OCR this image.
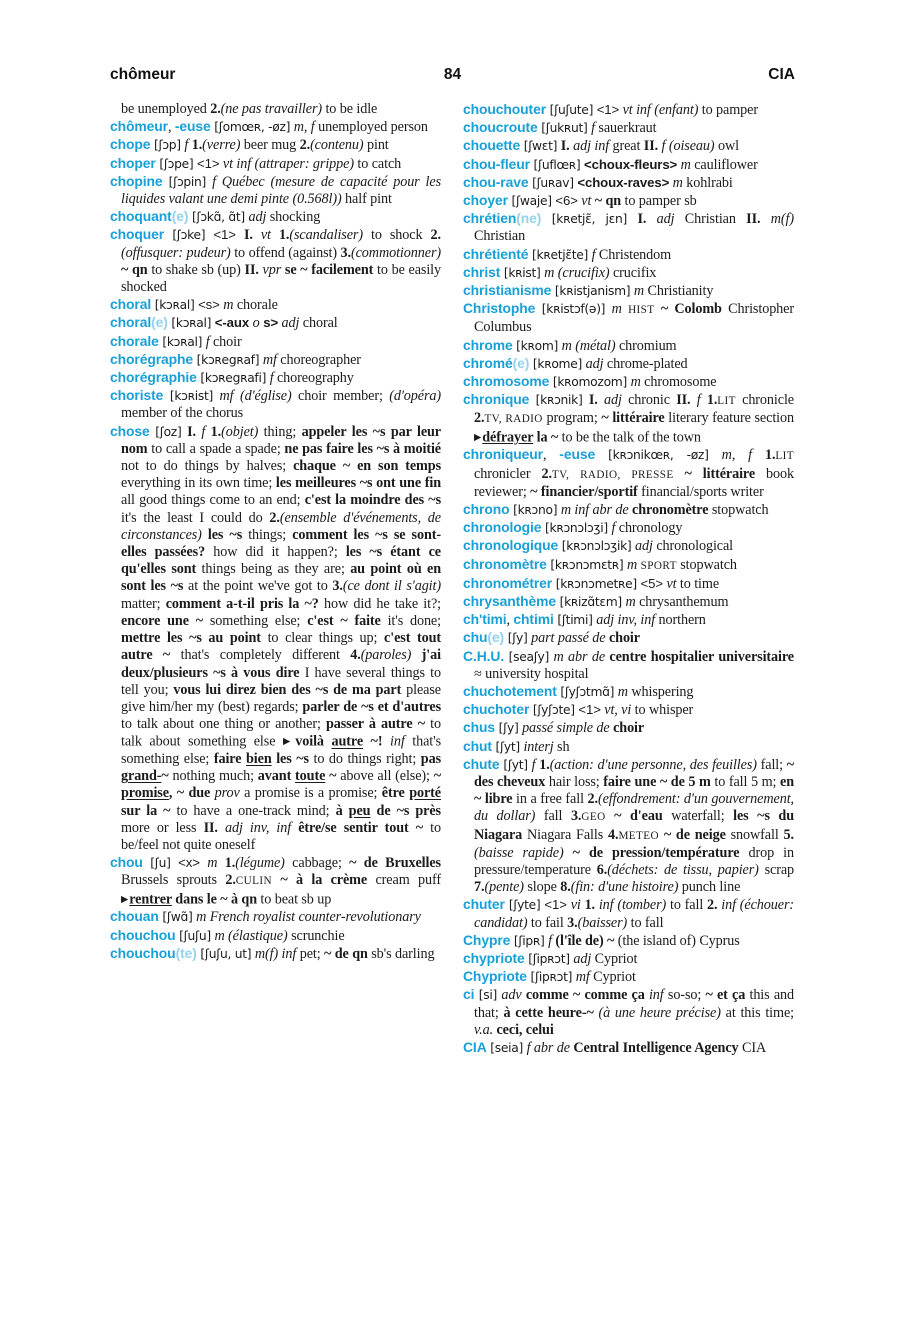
chômeur	84	CIA

be unemployed 2.(ne pas travailler) to be idle

chômeur, -euse [ʃomœʀ, -øz] m, f unemployed person

chope [ʃɔp] f 1.(verre) beer mug 2.(contenu) pint

choper [ʃɔpe] <1> vt inf (attraper: grippe) to catch

chopine [ʃɔpin] f Québec (mesure de capacité pour les liquides valant une demi pinte (0.568l)) half pint

choquant(e) [ʃɔkɑ̃, ɑ̃t] adj shocking

choquer [ʃɔke] <1> I. vt 1.(scandaliser) to shock 2.(offusquer: pudeur) to offend (against) 3.(commotionner) ~ qn to shake sb (up) II. vpr se ~ facilement to be easily shocked

choral [kɔʀal] <s> m chorale

choral(e) [kɔʀal] <-aux o s> adj choral

chorale [kɔʀal] f choir

chorégraphe [kɔʀegʀaf] mf choreographer

chorégraphie [kɔʀegʀafi] f choreography

choriste [kɔʀist] mf (d'église) choir member; (d'opéra) member of the chorus

chose [ʃoz] I. f 1.(objet) thing; appeler les ~s par leur nom to call a spade a spade; ne pas faire les ~s à moitié not to do things by halves; chaque ~ en son temps everything in its own time; les meilleures ~s ont une fin all good things come to an end; c'est la moindre des ~s it's the least I could do 2.(ensemble d'événements, de circonstances) les ~s things; comment les ~s se sont-elles passées? how did it happen?; les ~s étant ce qu'elles sont things being as they are; au point où en sont les ~s at the point we've got to 3.(ce dont il s'agit) matter; comment a-t-il pris la ~? how did he take it?; encore une ~ something else; c'est ~ faite it's done; mettre les ~s au point to clear things up; c'est tout autre ~ that's completely different 4.(paroles) j'ai deux/plusieurs ~s à vous dire I have several things to tell you; vous lui direz bien des ~s de ma part please give him/her my (best) regards; parler de ~s et d'autres to talk about one thing or another; passer à autre ~ to talk about something else ▶voilà autre ~! inf that's something else; faire bien les ~s to do things right; pas grand-~ nothing much; avant toute ~ above all (else); ~ promise, ~ due prov a promise is a promise; être porté sur la ~ to have a one-track mind; à peu de ~s près more or less II. adj inv, inf être/se sentir tout ~ to be/feel not quite oneself

chou [ʃu] <x> m 1.(légume) cabbage; ~ de Bruxelles Brussels sprouts 2.CULIN ~ à la crème cream puff ▶rentrer dans le ~ à qn to beat sb up

chouan [ʃwɑ̃] m French royalist counter-revolutionary

chouchou [ʃuʃu] m (élastique) scrunchie

chouchou(te) [ʃuʃu, ut] m(f) inf pet; ~ de qn sb's darling

chouchouter [ʃuʃute] <1> vt inf (enfant) to pamper

choucroute [ʃukʀut] f sauerkraut

chouette [ʃwɛt] I. adj inf great II. f (oiseau) owl

chou-fleur [ʃuflœʀ] <choux-fleurs> m cauliflower

chou-rave [ʃuʀav] <choux-raves> m kohlrabi

choyer [ʃwaje] <6> vt ~ qn to pamper sb

chrétien(ne) [kʀetjɛ̃, jɛn] I. adj Christian II. m(f) Christian

chrétienté [kʀetjɛ̃te] f Christendom

christ [kʀist] m (crucifix) crucifix

christianisme [kʀistjanism] m Christianity

Christophe [kʀistɔf(ə)] m HIST ~ Colomb Christopher Columbus

chrome [kʀom] m (métal) chromium

chromé(e) [kʀome] adj chrome-plated

chromosome [kʀomozom] m chromosome

chronique [kʀɔnik] I. adj chronic II. f 1.LIT chronicle 2.TV, RADIO program; ~ littéraire literary feature section ▶défrayer la ~ to be the talk of the town

chroniqueur, -euse [kʀɔnikœʀ, -øz] m, f 1.LIT chronicler 2.TV, RADIO, PRESSE ~ littéraire book reviewer; ~ financier/sportif financial/sports writer

chrono [kʀɔno] m inf abr de chronomètre stopwatch

chronologie [kʀɔnɔlɔʒi] f chronology

chronologique [kʀɔnɔlɔʒik] adj chronological

chronomètre [kʀɔnɔmɛtʀ] m SPORT stopwatch

chronométrer [kʀɔnɔmetʀe] <5> vt to time

chrysanthème [kʀizɑ̃tɛm] m chrysanthemum

ch'timi, chtimi [ʃtimi] adj inv, inf northern

chu(e) [ʃy] part passé de choir

C.H.U. [seaʃy] m abr de centre hospitalier universitaire ≈ university hospital

chuchotement [ʃyʃɔtmɑ̃] m whispering

chuchoter [ʃyʃɔte] <1> vt, vi to whisper

chus [ʃy] passé simple de choir

chut [ʃyt] interj sh

chute [ʃyt] f 1.(action: d'une personne, des feuilles) fall; ~ des cheveux hair loss; faire une ~ de 5 m to fall 5 m; en ~ libre in a free fall 2.(effondrement: d'un gouvernement, du dollar) fall 3.GEO ~ d'eau waterfall; les ~s du Niagara Niagara Falls 4.METEO ~ de neige snowfall 5.(baisse rapide) ~ de pression/température drop in pressure/temperature 6.(déchets: de tissu, papier) scrap 7.(pente) slope 8.(fin: d'une histoire) punch line

chuter [ʃyte] <1> vi 1. inf (tomber) to fall 2. inf (échouer: candidat) to fail 3.(baisser) to fall

Chypre [ʃipʀ] f (l'île de) ~ (the island of) Cyprus

chypriote [ʃipʀɔt] adj Cypriot

Chypriote [ʃipʀɔt] mf Cypriot

ci [si] adv comme ~ comme ça inf so-so; ~ et ça this and that; à cette heure-~ (à une heure précise) at this time; v.a. ceci, celui

CIA [seia] f abr de Central Intelligence Agency CIA
